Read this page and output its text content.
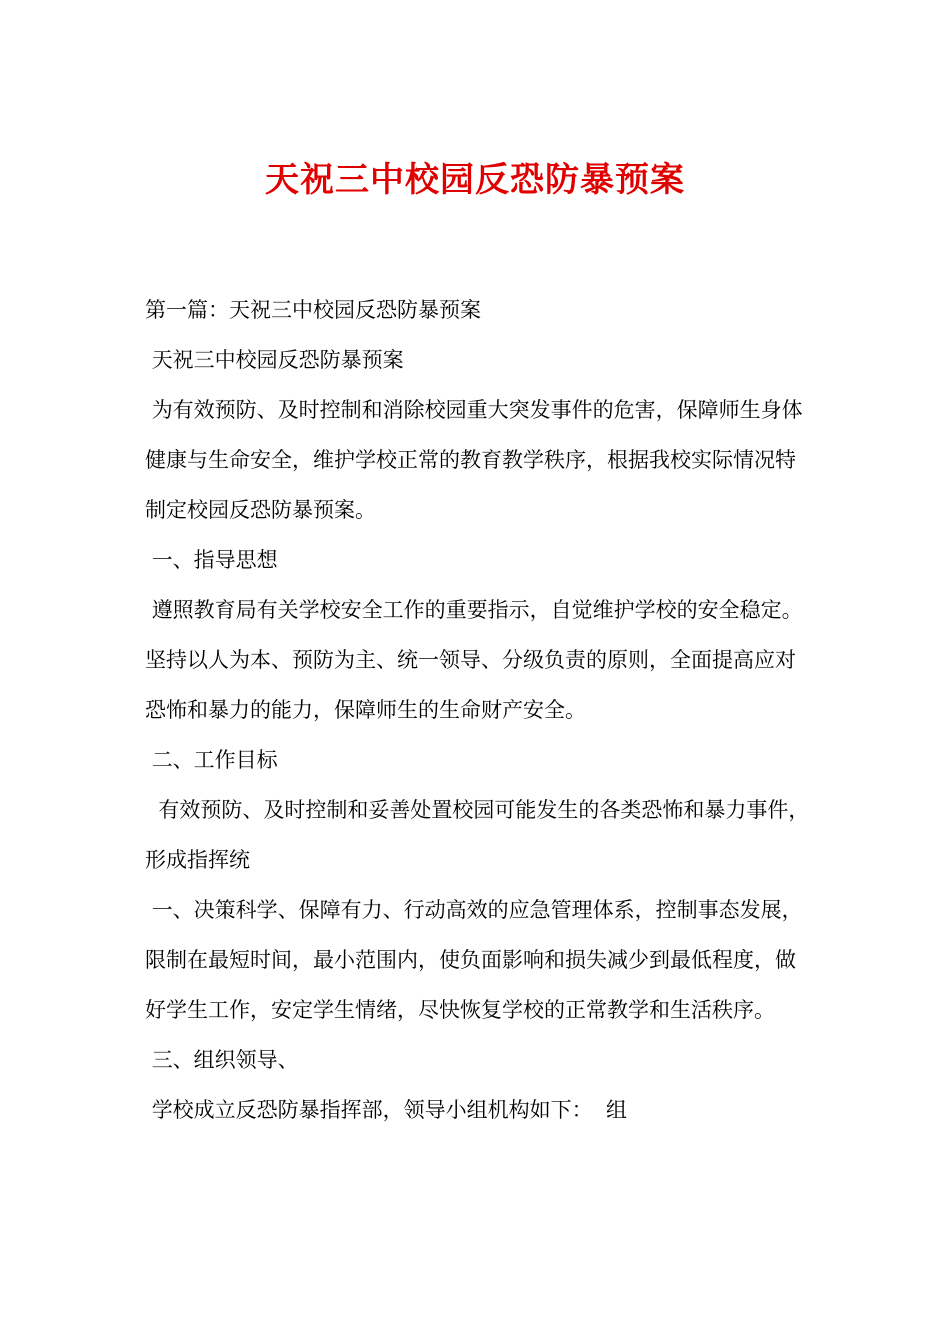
天祝三中校园反恐防暴预案

第一篇：天祝三中校园反恐防暴预案

天祝三中校园反恐防暴预案

为有效预防、及时控制和消除校园重大突发事件的危害，保障师生身体健康与生命安全，维护学校正常的教育教学秩序，根据我校实际情况特制定校园反恐防暴预案。

一、指导思想

遵照教育局有关学校安全工作的重要指示，自觉维护学校的安全稳定。坚持以人为本、预防为主、统一领导、分级负责的原则，全面提高应对恐怖和暴力的能力，保障师生的生命财产安全。

二、工作目标

有效预防、及时控制和妥善处置校园可能发生的各类恐怖和暴力事件，形成指挥统

一、决策科学、保障有力、行动高效的应急管理体系，控制事态发展，限制在最短时间，最小范围内，使负面影响和损失减少到最低程度，做好学生工作，安定学生情绪，尽快恢复学校的正常教学和生活秩序。

三、组织领导、

学校成立反恐防暴指挥部，领导小组机构如下：  组
